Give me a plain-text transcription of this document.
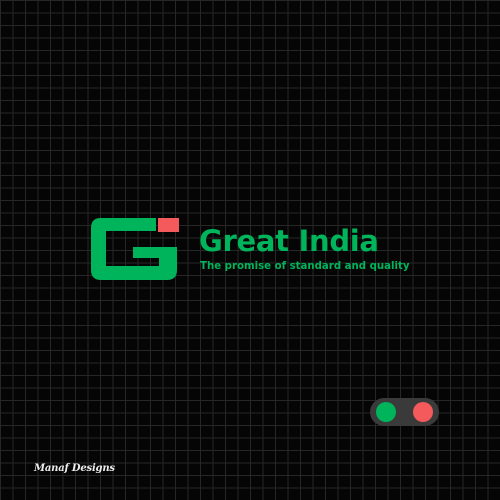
Great India
The promise of standard and quality
Manaf Designs
